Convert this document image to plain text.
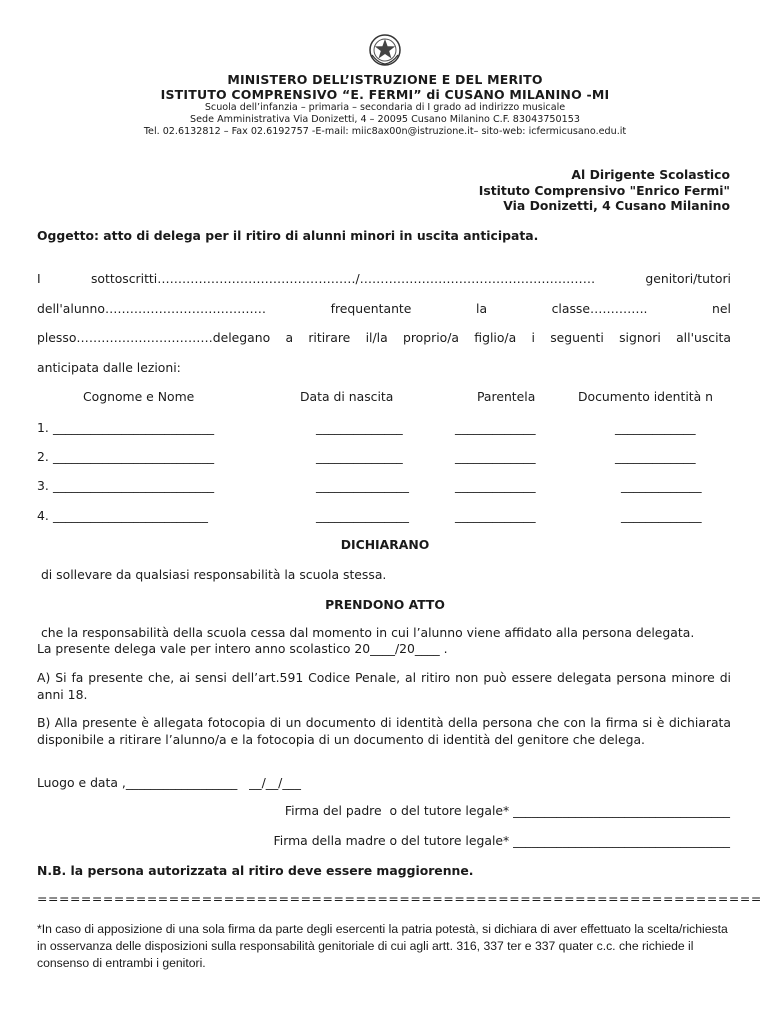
MINISTERO DELL’ISTRUZIONE E DEL MERITO
ISTITUTO COMPRENSIVO “E. FERMI” di CUSANO MILANINO -MI
Scuola dell’infanzia – primaria – secondaria di I grado ad indirizzo musicale
Sede Amministrativa Via Donizetti, 4 – 20095 Cusano Milanino C.F. 83043750153
Tel. 02.6132812 – Fax 02.6192757 -E-mail: miic8ax00n@istruzione.it– sito-web: icfermicusano.edu.it
Al Dirigente Scolastico
Istituto Comprensivo "Enrico Fermi"
Via Donizetti, 4 Cusano Milanino
Oggetto: atto di delega per il ritiro di alunni minori in uscita anticipata.
I	sottoscritti…………………………………………/…………………………………………………	genitori/tutori
dell'alunno…………………………………	frequentante	la	classe…………..	nel
plesso……………………………delegano a ritirare il/la proprio/a figlio/a i seguenti signori all'uscita
anticipata dalle lezioni:
Cognome e Nome	Data di nascita	Parentela	Documento identità n
1. __________________________	______________	_____________	_____________
2. __________________________	______________	_____________	_____________
3. __________________________	_______________	_____________	_____________
4. _________________________	_______________	_____________	_____________
DICHIARANO
di sollevare da qualsiasi responsabilità la scuola stessa.
PRENDONO ATTO
che la responsabilità della scuola cessa dal momento in cui l’alunno viene affidato alla persona delegata.
La presente delega vale per intero anno scolastico 20____/20____ .
A) Si fa presente che, ai sensi dell’art.591 Codice Penale, al ritiro non può essere delegata persona minore di anni 18.
B) Alla presente è allegata fotocopia di un documento di identità della persona che con la firma si è dichiarata disponibile a ritirare l’alunno/a e la fotocopia di un documento di identità del genitore che delega.
Luogo e data ,__________________   __/__/___
Firma del padre  o del tutore legale* ___________________________________
Firma della madre o del tutore legale* ___________________________________
N.B. la persona autorizzata al ritiro deve essere maggiorenne.
==================================================================
*In caso di apposizione di una sola firma da parte degli esercenti la patria potestà, si dichiara di aver effettuato la scelta/richiesta in osservanza delle disposizioni sulla responsabilità genitoriale di cui agli artt. 316, 337 ter e 337 quater c.c. che richiede il consenso di entrambi i genitori.
